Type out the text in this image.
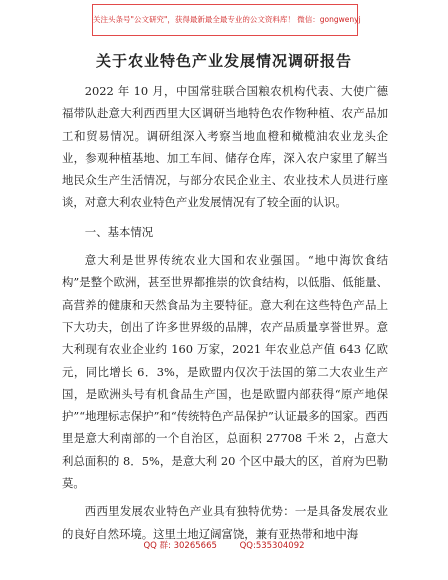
关注头条号"公文研究"，获得最新最全最专业的公文资料库！ 微信：gongwenyj
关于农业特色产业发展情况调研报告

2022 年 10 月，中国常驻联合国粮农机构代表、大使广德福带队赴意大利西西里大区调研当地特色农作物种植、农产品加工和贸易情况。调研组深入考察当地血橙和橄榄油农业龙头企业，参观种植基地、加工车间、储存仓库，深入农户家里了解当地民众生产生活情况，与部分农民企业主、农业技术人员进行座谈，对意大利农业特色产业发展情况有了较全面的认识。

一、基本情况

意大利是世界传统农业大国和农业强国。“地中海饮食结构”是整个欧洲，甚至世界都推崇的饮食结构，以低脂、低能量、高营养的健康和天然食品为主要特征。意大利在这些特色产品上下大功夫，创出了许多世界级的品牌，农产品质量享誉世界。意大利现有农业企业约 160 万家，2021 年农业总产值 643 亿欧元，同比增长 6．3%，是欧盟内仅次于法国的第二大农业生产国，是欧洲头号有机食品生产国，也是欧盟内部获得“原产地保护”“地理标志保护”和“传统特色产品保护”认证最多的国家。西西里是意大利南部的一个自治区，总面积 27708 千米 2，占意大利总面积的 8．5%，是意大利 20 个区中最大的区，首府为巴勒莫。

西西里发展农业特色产业具有独特优势：一是具备发展农业的良好自然环境。这里土地辽阔富饶，兼有亚热带和地中海

QQ 群: 30265665	QQ:535304092
